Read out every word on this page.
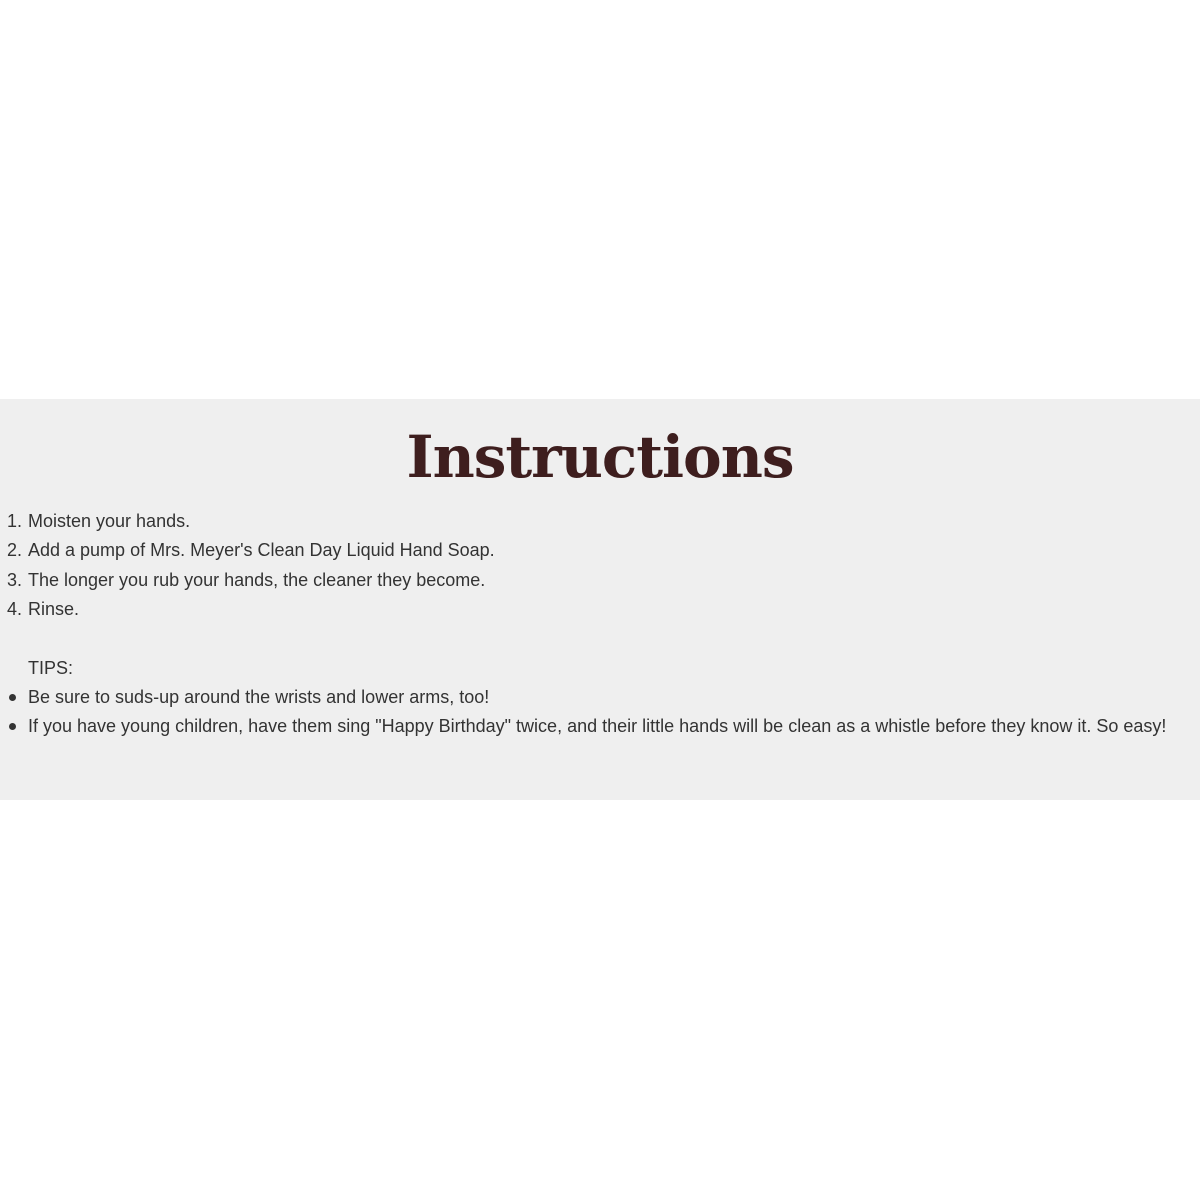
Instructions
1. Moisten your hands.
2. Add a pump of Mrs. Meyer's Clean Day Liquid Hand Soap.
3. The longer you rub your hands, the cleaner they become.
4. Rinse.

TIPS:

Be sure to suds-up around the wrists and lower arms, too!
If you have young children, have them sing "Happy Birthday" twice, and their little hands will be clean as a whistle before they know it. So easy!
